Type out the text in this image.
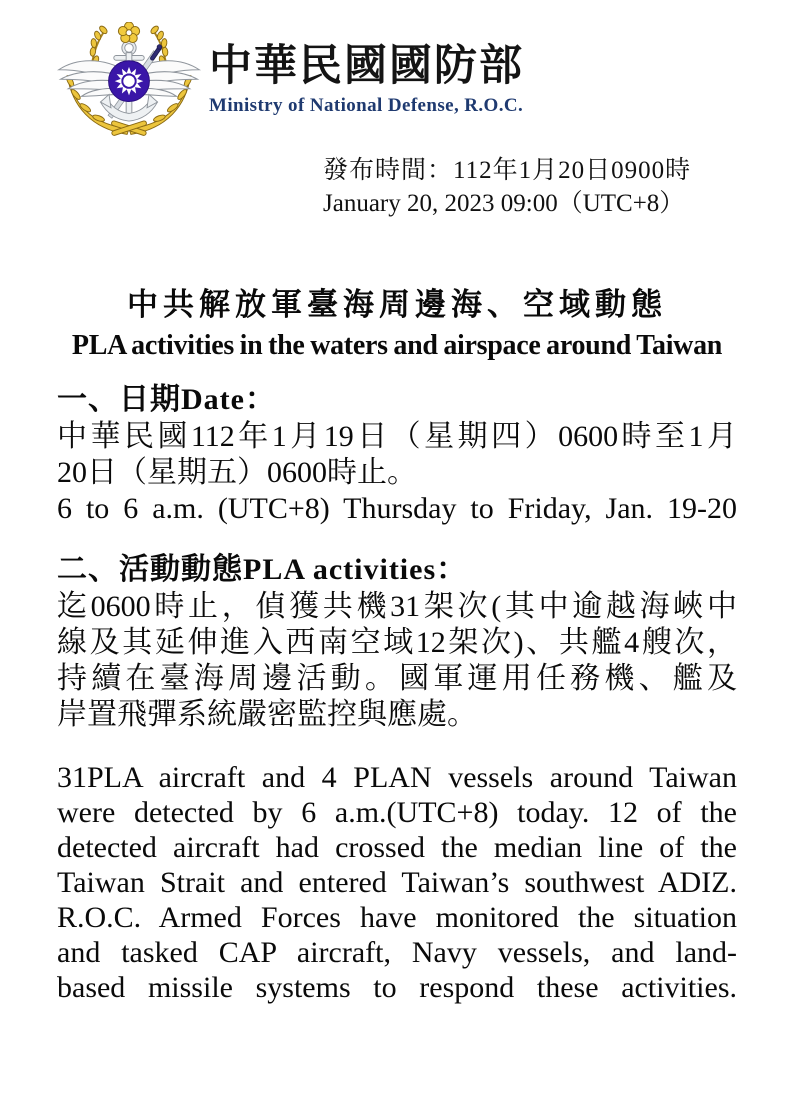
中華民國國防部
Ministry of National Defense, R.O.C.
發布時間：112年1月20日0900時
January 20, 2023 09:00（UTC+8）
中共解放軍臺海周邊海、空域動態
PLA activities in the waters and airspace around Taiwan
一、日期Date：
中華民國112年1月19日（星期四）0600時至1月
20日（星期五）0600時止。
6 to 6 a.m. (UTC+8) Thursday to Friday, Jan. 19-20
二、活動動態PLA activities：
迄0600時止，偵獲共機31架次(其中逾越海峽中
線及其延伸進入西南空域12架次)、共艦4艘次，
持續在臺海周邊活動。國軍運用任務機、艦及
岸置飛彈系統嚴密監控與應處。
31PLA aircraft and 4 PLAN vessels around Taiwan
were detected by 6 a.m.(UTC+8) today. 12 of the
detected aircraft had crossed the median line of the
Taiwan Strait and entered Taiwan’s southwest ADIZ.
R.O.C. Armed Forces have monitored the situation
and tasked CAP aircraft, Navy vessels, and land-
based missile systems to respond these activities.
